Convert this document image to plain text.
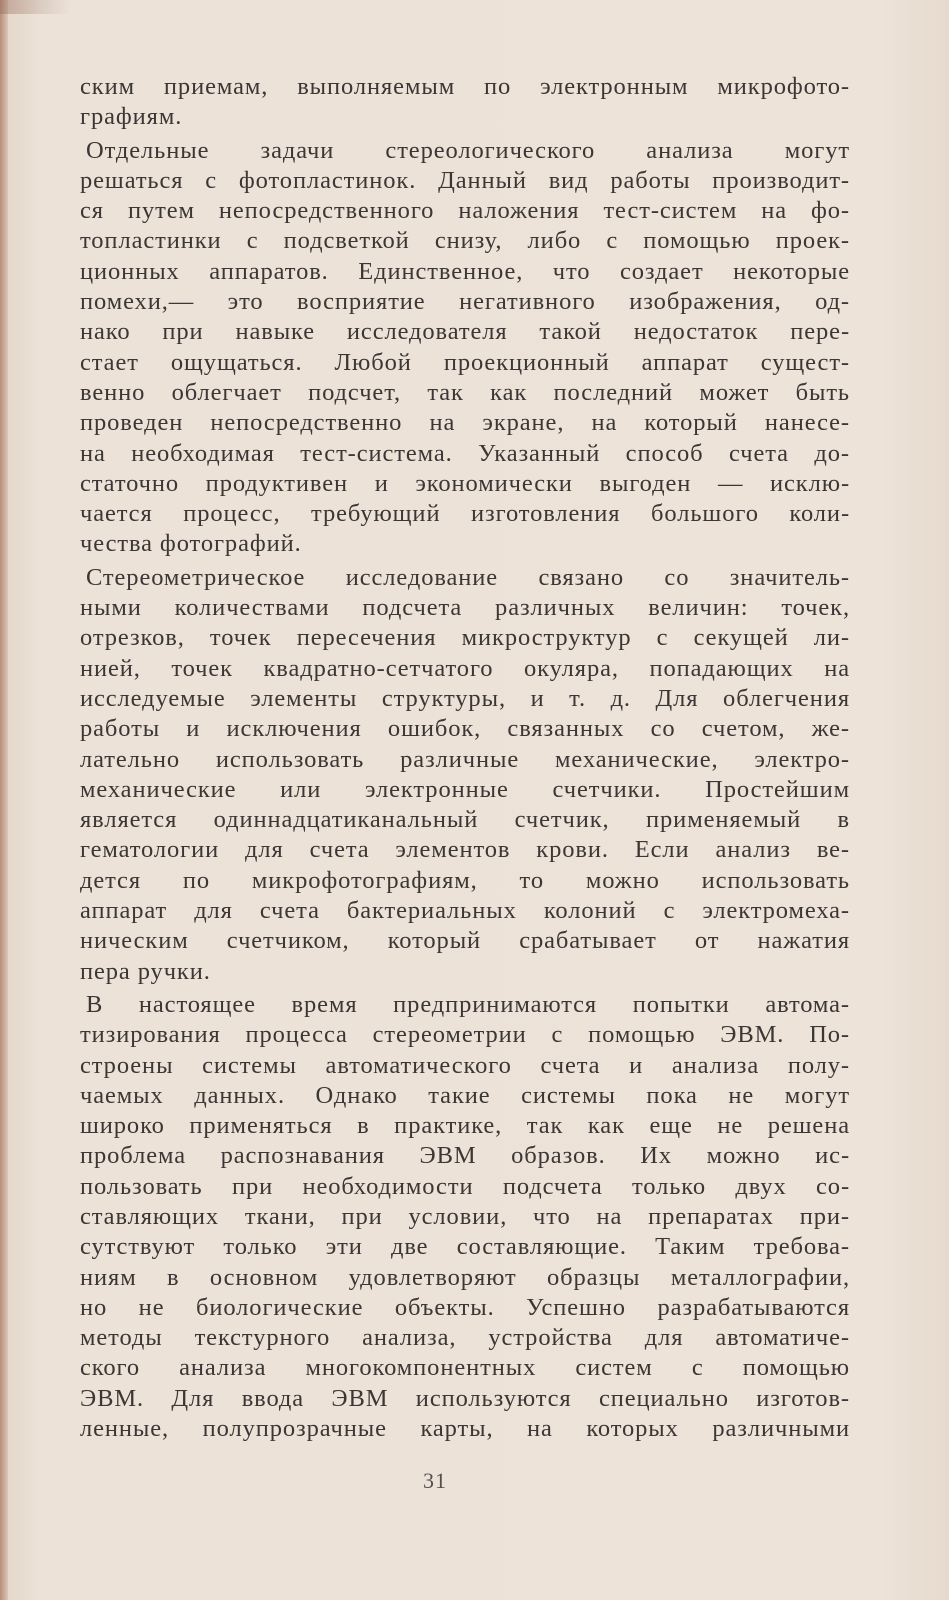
ским приемам, выполняемым по электронным микрофото-

графиям.

Отдельные задачи стереологического анализа могут

решаться с фотопластинок. Данный вид работы производит-

ся путем непосредственного наложения тест-систем на фо-

топластинки с подсветкой снизу, либо с помощью проек-

ционных аппаратов. Единственное, что создает некоторые

помехи,— это восприятие негативного изображения, од-

нако при навыке исследователя такой недостаток пере-

стает ощущаться. Любой проекционный аппарат сущест-

венно облегчает подсчет, так как последний может быть

проведен непосредственно на экране, на который нанесе-

на необходимая тест-система. Указанный способ счета до-

статочно продуктивен и экономически выгоден — исклю-

чается процесс, требующий изготовления большого коли-

чества фотографий.

Стереометрическое исследование связано со значитель-

ными количествами подсчета различных величин: точек,

отрезков, точек пересечения микроструктур с секущей ли-

нией, точек квадратно-сетчатого окуляра, попадающих на

исследуемые элементы структуры, и т. д. Для облегчения

работы и исключения ошибок, связанных со счетом, же-

лательно использовать различные механические, электро-

механические или электронные счетчики. Простейшим

является одиннадцатиканальный счетчик, применяемый в

гематологии для счета элементов крови. Если анализ ве-

дется по микрофотографиям, то можно использовать

аппарат для счета бактериальных колоний с электромеха-

ническим счетчиком, который срабатывает от нажатия

пера ручки.

В настоящее время предпринимаются попытки автома-

тизирования процесса стереометрии с помощью ЭВМ. По-

строены системы автоматического счета и анализа полу-

чаемых данных. Однако такие системы пока не могут

широко применяться в практике, так как еще не решена

проблема распознавания ЭВМ образов. Их можно ис-

пользовать при необходимости подсчета только двух со-

ставляющих ткани, при условии, что на препаратах при-

сутствуют только эти две составляющие. Таким требова-

ниям в основном удовлетворяют образцы металлографии,

но не биологические объекты. Успешно разрабатываются

методы текстурного анализа, устройства для автоматиче-

ского анализа многокомпонентных систем с помощью

ЭВМ. Для ввода ЭВМ используются специально изготов-

ленные, полупрозрачные карты, на которых различными

31
